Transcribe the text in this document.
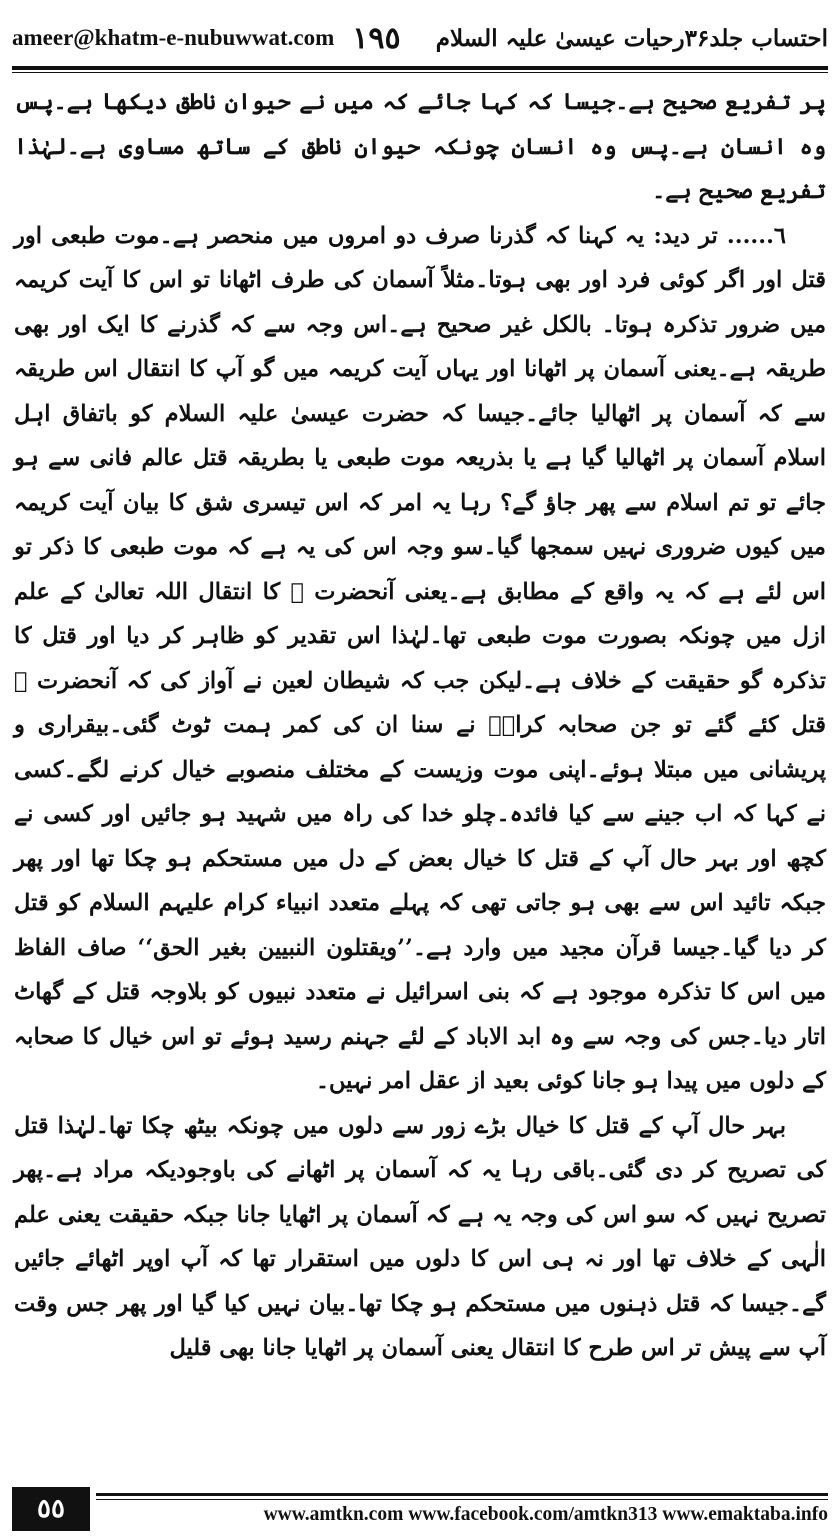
ameer@khatm-e-nubuwwat.com ١٩٥ احتساب جلد۳۶رحیات عیسیٰ علیہ السلام

پر تفریع صحیح ہے۔جیسا کہ کہا جائے کہ میں نے حیوان ناطق دیکھا ہے۔پس وہ انسان ہے۔پس وہ انسان چونکہ حیوان ناطق کے ساتھ مساوی ہے۔لہٰذا تفریع صحیح ہے۔

٦...... تر دید: یہ کہنا کہ گذرنا صرف دو امروں میں منحصر ہے۔موت طبعی اور قتل اور اگر کوئی فرد اور بھی ہوتا۔مثلاً آسمان کی طرف اٹھانا تو اس کا آیت کریمہ میں ضرور تذکرہ ہوتا۔ بالکل غیر صحیح ہے۔اس وجہ سے کہ گذرنے کا ایک اور بھی طریقہ ہے۔یعنی آسمان پر اٹھانا اور یہاں آیت کریمہ میں گو آپ کا انتقال اس طریقہ سے کہ آسمان پر اٹھالیا جائے۔جیسا کہ حضرت عیسیٰ علیہ السلام کو باتفاق اہل اسلام آسمان پر اٹھالیا گیا ہے یا بذریعہ موت طبعی یا بطریقہ قتل عالم فانی سے ہو جائے تو تم اسلام سے پھر جاؤ گے؟ رہا یہ امر کہ اس تیسری شق کا بیان آیت کریمہ میں کیوں ضروری نہیں سمجھا گیا۔سو وجہ اس کی یہ ہے کہ موت طبعی کا ذکر تو اس لئے ہے کہ یہ واقع کے مطابق ہے۔یعنی آنحضرت ﷺ کا انتقال اللہ تعالیٰ کے علم ازل میں چونکہ بصورت موت طبعی تھا۔لہٰذا اس تقدیر کو ظاہر کر دیا اور قتل کا تذکرہ گو حقیقت کے خلاف ہے۔لیکن جب کہ شیطان لعین نے آواز کی کہ آنحضرت ﷺ قتل کئے گئے تو جن صحابہ کرامؓ نے سنا ان کی کمر ہمت ٹوٹ گئی۔بیقراری و پریشانی میں مبتلا ہوئے۔اپنی موت وزیست کے مختلف منصوبے خیال کرنے لگے۔کسی نے کہا کہ اب جینے سے کیا فائدہ۔چلو خدا کی راہ میں شہید ہو جائیں اور کسی نے کچھ اور بہر حال آپ کے قتل کا خیال بعض کے دل میں مستحکم ہو چکا تھا اور پھر جبکہ تائید اس سے بھی ہو جاتی تھی کہ پہلے متعدد انبیاء کرام علیہم السلام کو قتل کر دیا گیا۔جیسا قرآن مجید میں وارد ہے۔’’ویقتلون النبیین بغیر الحق‘‘ صاف الفاظ میں اس کا تذکرہ موجود ہے کہ بنی اسرائیل نے متعدد نبیوں کو بلاوجہ قتل کے گھاٹ اتار دیا۔جس کی وجہ سے وہ ابد الاباد کے لئے جہنم رسید ہوئے تو اس خیال کا صحابہ کے دلوں میں پیدا ہو جانا کوئی بعید از عقل امر نہیں۔

بہر حال آپ کے قتل کا خیال بڑے زور سے دلوں میں چونکہ بیٹھ چکا تھا۔لہٰذا قتل کی تصریح کر دی گئی۔باقی رہا یہ کہ آسمان پر اٹھانے کی باوجودیکہ مراد ہے۔پھر تصریح نہیں کہ سو اس کی وجہ یہ ہے کہ آسمان پر اٹھایا جانا جبکہ حقیقت یعنی علم الٰہی کے خلاف تھا اور نہ ہی اس کا دلوں میں استقرار تھا کہ آپ اوپر اٹھائے جائیں گے۔جیسا کہ قتل ذہنوں میں مستحکم ہو چکا تھا۔بیان نہیں کیا گیا اور پھر جس وقت آپ سے پیش تر اس طرح کا انتقال یعنی آسمان پر اٹھایا جانا بھی قلیل

٥٥	www.amtkn.com www.facebook.com/amtkn313 www.emaktaba.info
